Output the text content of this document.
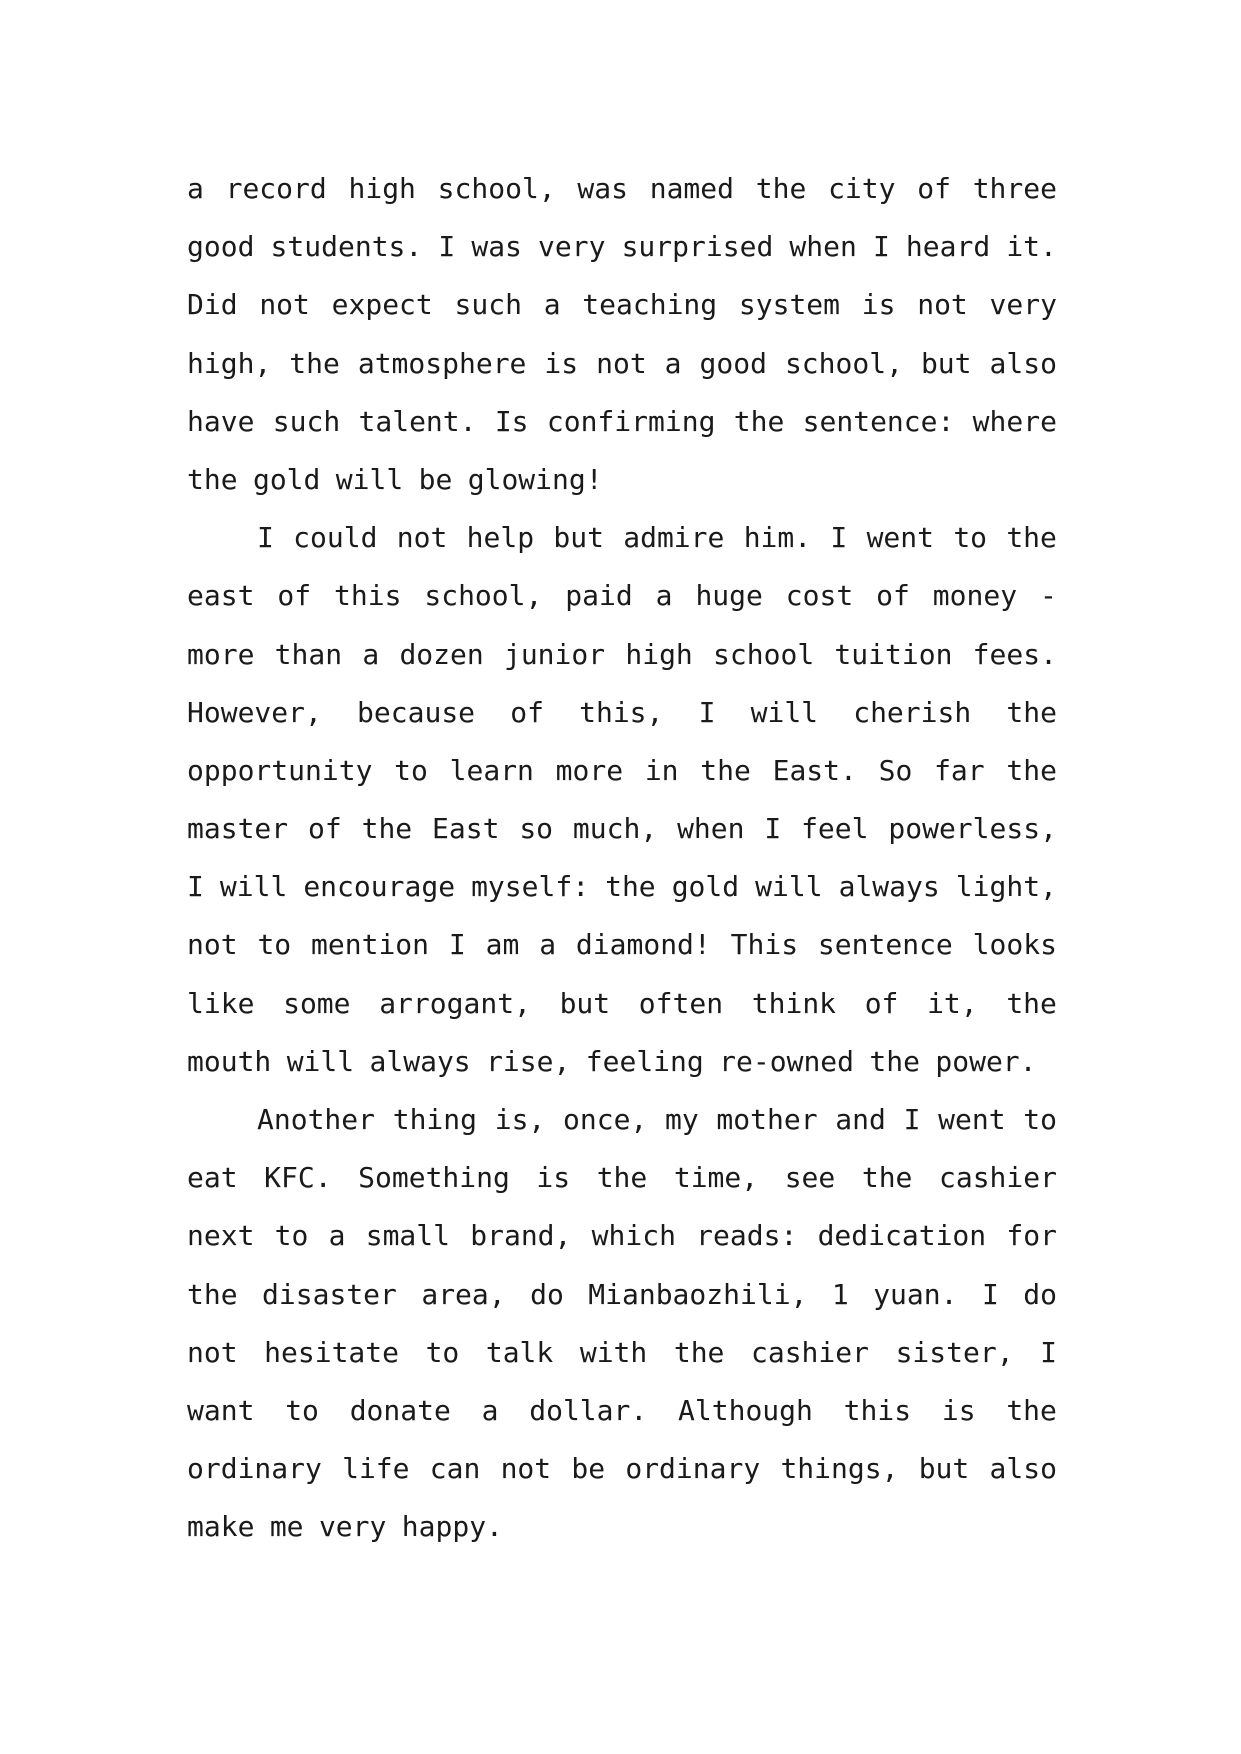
a record high school, was named the city of three
good students. I was very surprised when I heard it.
Did not expect such a teaching system is not very
high, the atmosphere is not a good school, but also
have such talent. Is confirming the sentence: where
the gold will be glowing!
I could not help but admire him. I went to the
east of this school, paid a huge cost of money -
more than a dozen junior high school tuition fees.
However, because of this, I will cherish the
opportunity to learn more in the East. So far the
master of the East so much, when I feel powerless,
I will encourage myself: the gold will always light,
not to mention I am a diamond! This sentence looks
like some arrogant, but often think of it, the
mouth will always rise, feeling re-owned the power.
Another thing is, once, my mother and I went to
eat KFC. Something is the time, see the cashier
next to a small brand, which reads: dedication for
the disaster area, do Mianbaozhili, 1 yuan. I do
not hesitate to talk with the cashier sister, I
want to donate a dollar. Although this is the
ordinary life can not be ordinary things, but also
make me very happy.
